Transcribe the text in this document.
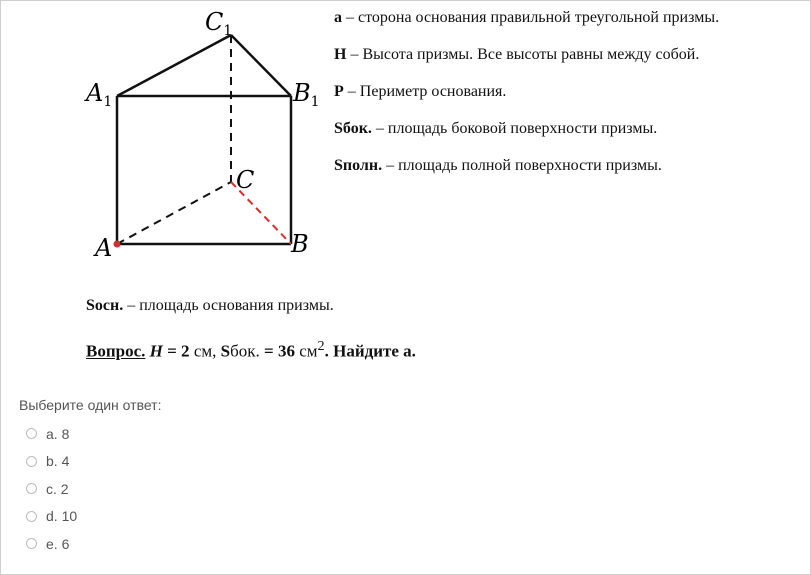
$C_1$
$A_1$	$B_1$
C
A	B

a – сторона основания правильной треугольной призмы.

H – Высота призмы. Все высоты равны между собой.

P – Периметр основания.

Sбок. – площадь боковой поверхности призмы.

Sполн. – площадь полной поверхности призмы.

Sосн. – площадь основания призмы.
Вопрос. H = 2 см, Sбок. = 36 $см^2$. Найдите a.
Выберите один ответ:
a. 8
b. 4
c. 2
d. 10
e. 6
